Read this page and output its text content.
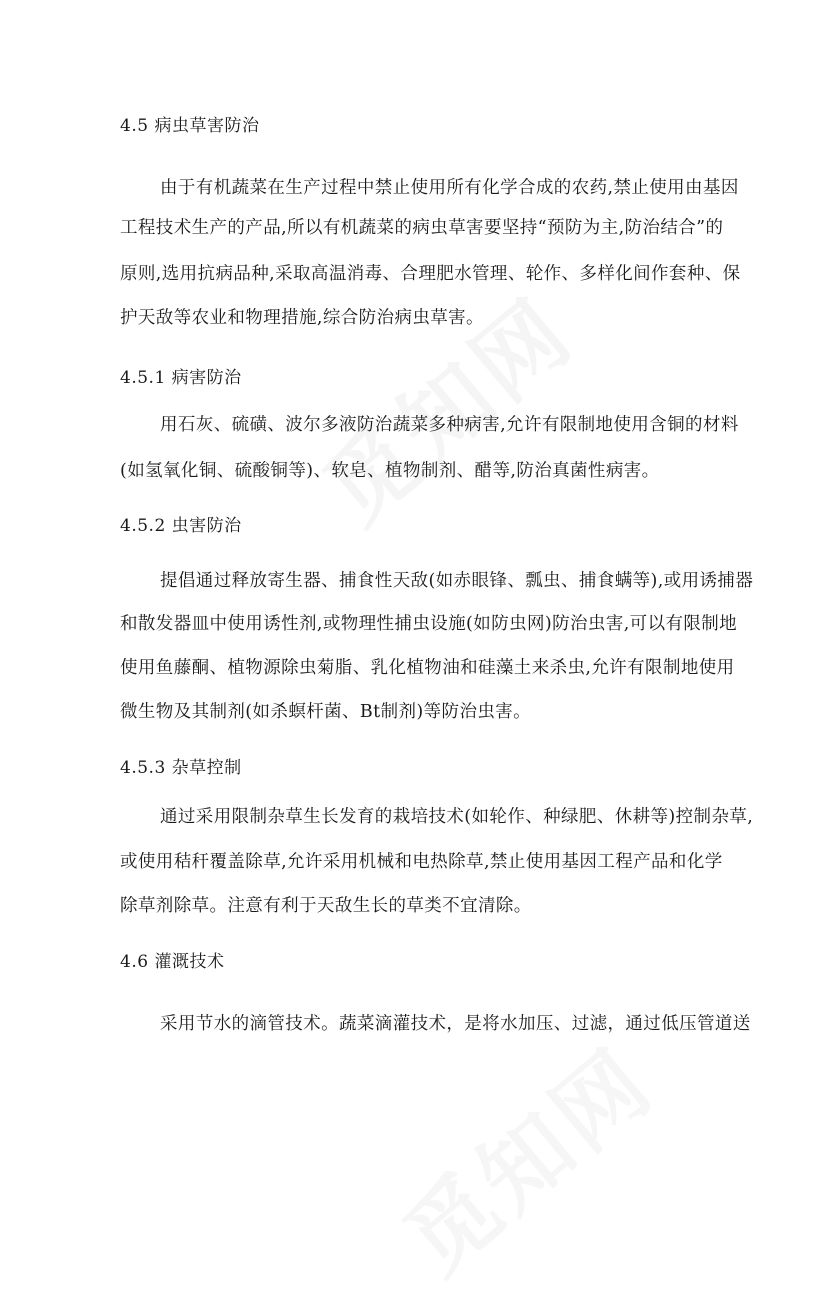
4.5 病虫草害防治
由于有机蔬菜在生产过程中禁止使用所有化学合成的农药,禁止使用由基因
工程技术生产的产品,所以有机蔬菜的病虫草害要坚持“预防为主,防治结合”的
原则,选用抗病品种,采取高温消毒、合理肥水管理、轮作、多样化间作套种、保
护天敌等农业和物理措施,综合防治病虫草害。
4.5.1 病害防治
用石灰、硫磺、波尔多液防治蔬菜多种病害,允许有限制地使用含铜的材料
(如氢氧化铜、硫酸铜等)、软皂、植物制剂、醋等,防治真菌性病害。
4.5.2 虫害防治
提倡通过释放寄生器、捕食性天敌(如赤眼锋、瓢虫、捕食螨等),或用诱捕器
和散发器皿中使用诱性剂,或物理性捕虫设施(如防虫网)防治虫害,可以有限制地
使用鱼藤酮、植物源除虫菊脂、乳化植物油和硅藻土来杀虫,允许有限制地使用
微生物及其制剂(如杀螟杆菌、Bt制剂)等防治虫害。
4.5.3 杂草控制
通过采用限制杂草生长发育的栽培技术(如轮作、种绿肥、休耕等)控制杂草,
或使用秸秆覆盖除草,允许采用机械和电热除草,禁止使用基因工程产品和化学
除草剂除草。注意有利于天敌生长的草类不宜清除。
4.6 灌溉技术
采用节水的滴管技术。蔬菜滴灌技术，是将水加压、过滤，通过低压管道送
